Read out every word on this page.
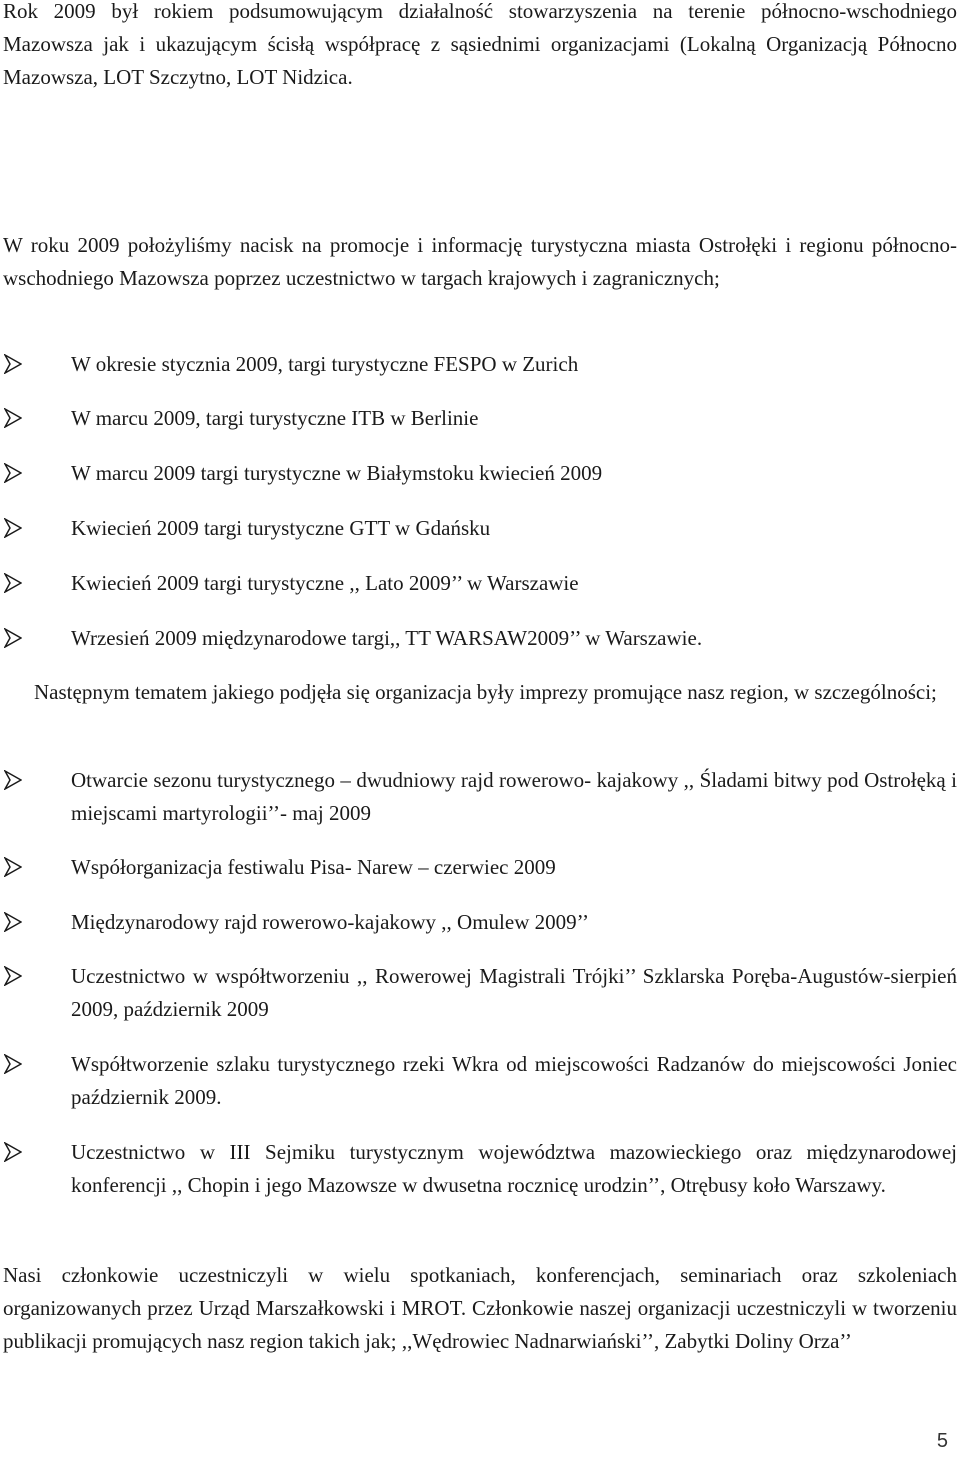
Rok 2009 był rokiem podsumowującym działalność stowarzyszenia na terenie północno-wschodniego Mazowsza jak i ukazującym ścisłą współpracę z sąsiednimi organizacjami (Lokalną Organizacją Północno Mazowsza, LOT Szczytno, LOT Nidzica.

W roku 2009 położyliśmy nacisk na promocje i informację turystyczna miasta Ostrołęki i regionu północno-wschodniego Mazowsza poprzez uczestnictwo w targach krajowych i zagranicznych;

W okresie stycznia 2009, targi turystyczne FESPO w Zurich

W marcu 2009, targi turystyczne ITB w Berlinie

W marcu 2009 targi turystyczne w Białymstoku kwiecień 2009

Kwiecień 2009 targi turystyczne GTT w Gdańsku

Kwiecień 2009 targi turystyczne ,, Lato 2009’’ w Warszawie

Wrzesień 2009 międzynarodowe targi,, TT WARSAW2009’’ w Warszawie.

Następnym tematem jakiego podjęła się organizacja były imprezy promujące nasz region, w szczególności;

Otwarcie sezonu turystycznego – dwudniowy rajd rowerowo- kajakowy ,, Śladami bitwy pod Ostrołęką i miejscami martyrologii’’- maj 2009

Współorganizacja festiwalu Pisa- Narew – czerwiec 2009

Międzynarodowy rajd rowerowo-kajakowy ,, Omulew 2009’’

Uczestnictwo w współtworzeniu ,, Rowerowej Magistrali Trójki’’ Szklarska Poręba-Augustów-sierpień 2009, październik 2009

Współtworzenie szlaku turystycznego rzeki Wkra od miejscowości Radzanów do miejscowości Joniec październik 2009.

Uczestnictwo w III Sejmiku turystycznym województwa mazowieckiego oraz międzynarodowej konferencji ,, Chopin i jego Mazowsze w dwusetna rocznicę urodzin’’, Otrębusy koło Warszawy.

Nasi członkowie uczestniczyli w wielu spotkaniach, konferencjach, seminariach oraz szkoleniach organizowanych przez Urząd Marszałkowski i MROT. Członkowie naszej organizacji uczestniczyli w tworzeniu publikacji promujących nasz region takich jak; ,,Wędrowiec Nadnarwiański’’, Zabytki Doliny Orza’’

5
